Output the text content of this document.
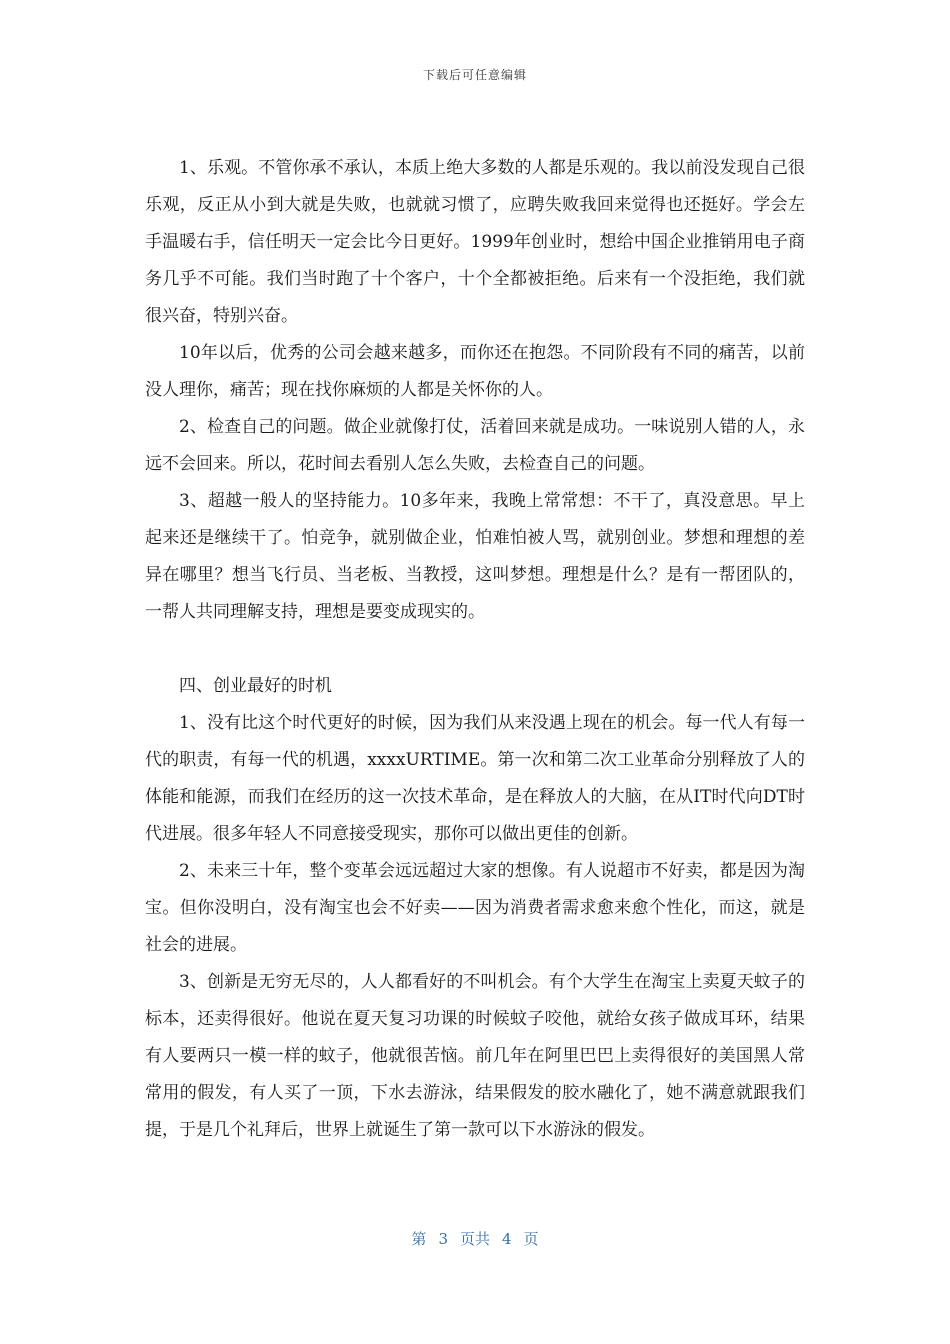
下载后可任意编辑

1、乐观。不管你承不承认，本质上绝大多数的人都是乐观的。我以前没发现自己很乐观，反正从小到大就是失败，也就就习惯了，应聘失败我回来觉得也还挺好。学会左手温暖右手，信任明天一定会比今日更好。1999年创业时，想给中国企业推销用电子商务几乎不可能。我们当时跑了十个客户，十个全都被拒绝。后来有一个没拒绝，我们就很兴奋，特别兴奋。

10年以后，优秀的公司会越来越多，而你还在抱怨。不同阶段有不同的痛苦，以前没人理你，痛苦；现在找你麻烦的人都是关怀你的人。

2、检查自己的问题。做企业就像打仗，活着回来就是成功。一味说别人错的人，永远不会回来。所以，花时间去看别人怎么失败，去检查自己的问题。

3、超越一般人的坚持能力。10多年来，我晚上常常想：不干了，真没意思。早上起来还是继续干了。怕竞争，就别做企业，怕难怕被人骂，就别创业。梦想和理想的差异在哪里？想当飞行员、当老板、当教授，这叫梦想。理想是什么？是有一帮团队的，一帮人共同理解支持，理想是要变成现实的。

四、创业最好的时机

1、没有比这个时代更好的时候，因为我们从来没遇上现在的机会。每一代人有每一代的职责，有每一代的机遇，xxxxURTIME。第一次和第二次工业革命分别释放了人的体能和能源，而我们在经历的这一次技术革命，是在释放人的大脑，在从IT时代向DT时代进展。很多年轻人不同意接受现实，那你可以做出更佳的创新。

2、未来三十年，整个变革会远远超过大家的想像。有人说超市不好卖，都是因为淘宝。但你没明白，没有淘宝也会不好卖——因为消费者需求愈来愈个性化，而这，就是社会的进展。

3、创新是无穷无尽的，人人都看好的不叫机会。有个大学生在淘宝上卖夏天蚊子的标本，还卖得很好。他说在夏天复习功课的时候蚊子咬他，就给女孩子做成耳环，结果有人要两只一模一样的蚊子，他就很苦恼。前几年在阿里巴巴上卖得很好的美国黑人常常用的假发，有人买了一顶，下水去游泳，结果假发的胶水融化了，她不满意就跟我们提，于是几个礼拜后，世界上就诞生了第一款可以下水游泳的假发。

第 3 页共 4 页
